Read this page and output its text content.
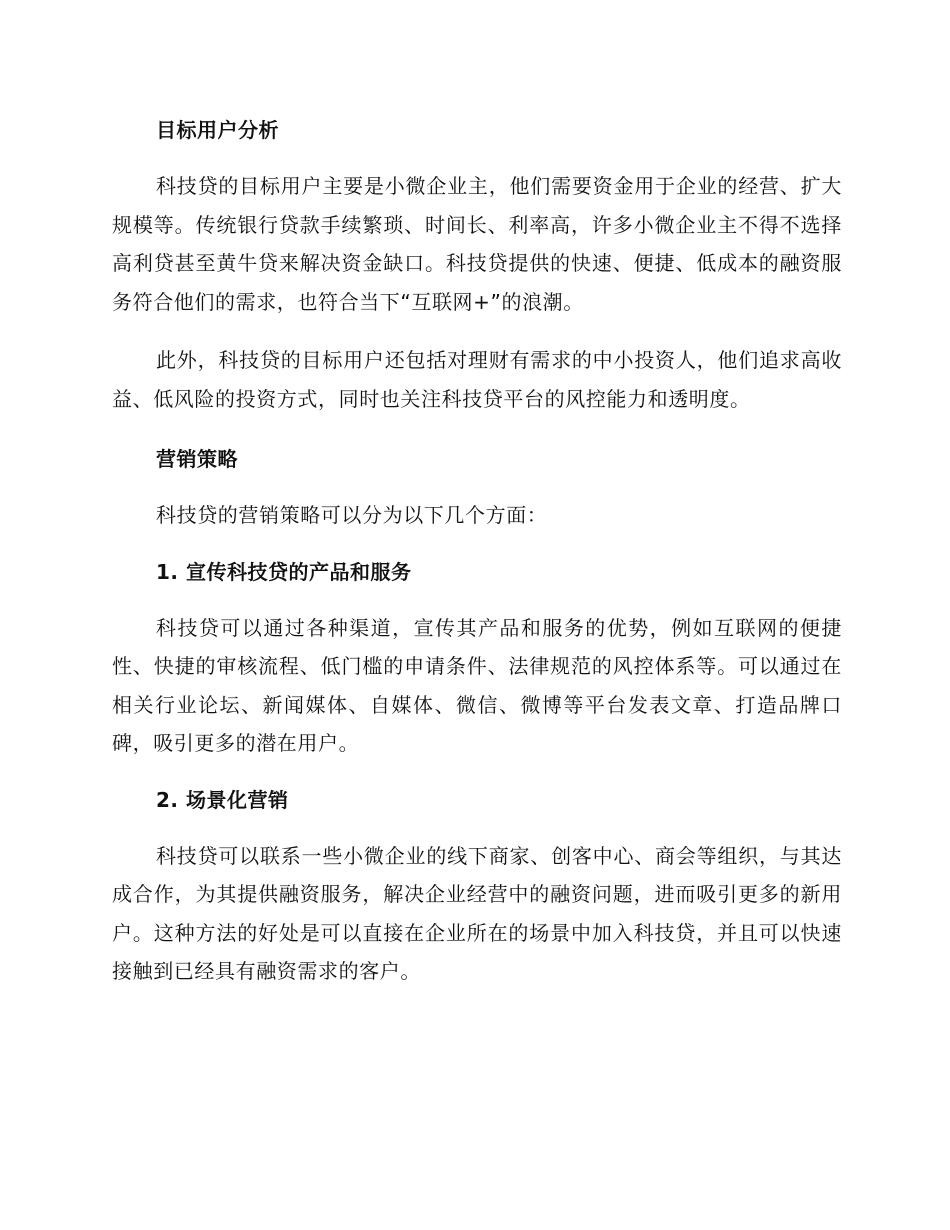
目标用户分析

科技贷的目标用户主要是小微企业主，他们需要资金用于企业的经营、扩大规模等。传统银行贷款手续繁琐、时间长、利率高，许多小微企业主不得不选择高利贷甚至黄牛贷来解决资金缺口。科技贷提供的快速、便捷、低成本的融资服务符合他们的需求，也符合当下“互联网+”的浪潮。

此外，科技贷的目标用户还包括对理财有需求的中小投资人，他们追求高收益、低风险的投资方式，同时也关注科技贷平台的风控能力和透明度。

营销策略

科技贷的营销策略可以分为以下几个方面：

1. 宣传科技贷的产品和服务

科技贷可以通过各种渠道，宣传其产品和服务的优势，例如互联网的便捷性、快捷的审核流程、低门槛的申请条件、法律规范的风控体系等。可以通过在相关行业论坛、新闻媒体、自媒体、微信、微博等平台发表文章、打造品牌口碑，吸引更多的潜在用户。

2. 场景化营销

科技贷可以联系一些小微企业的线下商家、创客中心、商会等组织，与其达成合作，为其提供融资服务，解决企业经营中的融资问题，进而吸引更多的新用户。这种方法的好处是可以直接在企业所在的场景中加入科技贷，并且可以快速接触到已经具有融资需求的客户。
